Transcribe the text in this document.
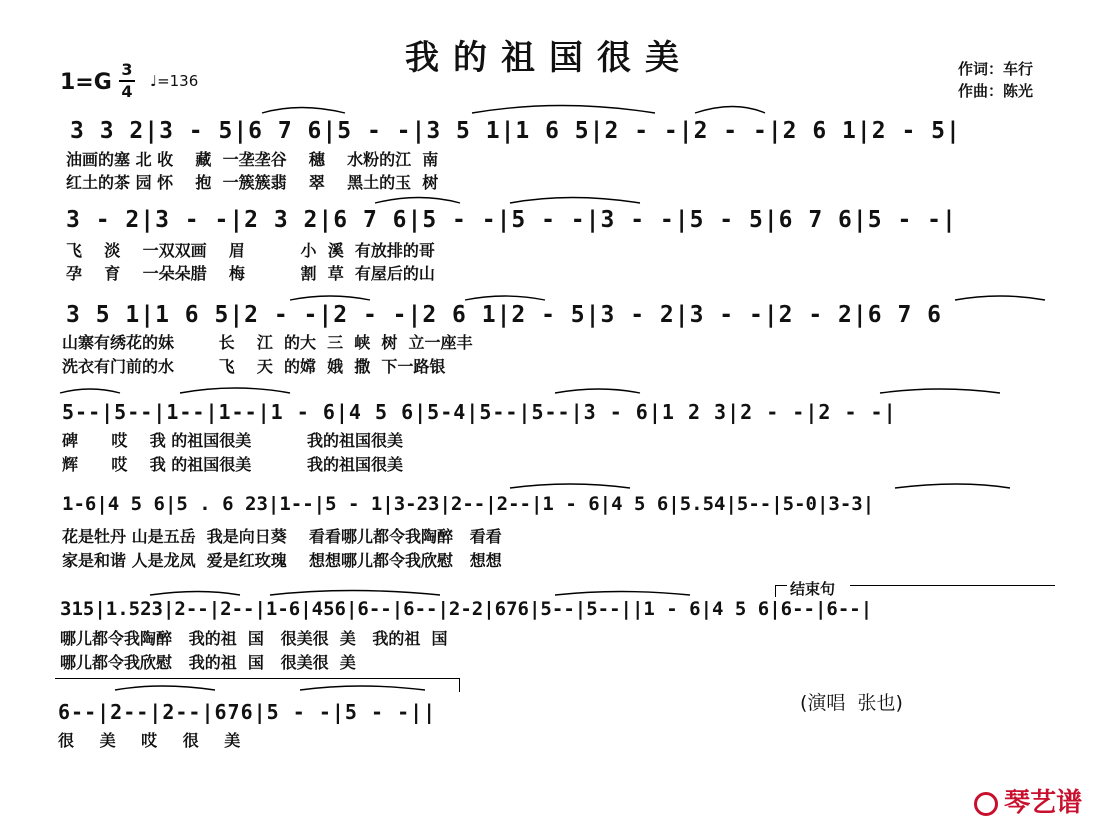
我的祖国很美	作词：车行
作曲：陈光
1=G
3
4
♩=136
3 3 2|3 - 5|6 7 6|5 - -|3 5 1|1 6 5|2 - -|2 - -|2 6 1|2 - 5|
油画的塞 北 收    藏  一垄垄谷    穗    水粉的江  南
红土的茶 园 怀    抱  一簇簇翡    翠    黑土的玉  树
3 - 2|3 - -|2 3 2|6 7 6|5 - -|5 - -|3 - -|5 - 5|6 7 6|5 - -|
飞    淡    一双双画    眉          小  溪  有放排的哥
孕    育    一朵朵腊    梅          割  草  有屋后的山
3 5 1|1 6 5|2 - -|2 - -|2 6 1|2 - 5|3 - 2|3 - -|2 - 2|6 7 6
山寨有绣花的妹        长    江  的大  三  峡  树  立一座丰
洗衣有门前的水        飞    天  的嫦  娥  撒  下一路银
5--|5--|1--|1--|1 - 6|4 5 6|5-4|5--|5--|3 - 6|1 2 3|2 - -|2 - -|
碑      哎    我 的祖国很美          我的祖国很美
辉      哎    我 的祖国很美          我的祖国很美
1-6|4 5 6|5 . 6 23|1--|5 - 1|3-23|2--|2--|1 - 6|4 5 6|5.54|5--|5-0|3-3|
花是牡丹 山是五岳  我是向日葵    看看哪儿都令我陶醉   看看
家是和谐 人是龙凤  爱是红玫瑰    想想哪儿都令我欣慰   想想
结束句
315|1.523|2--|2--|1-6|456|6--|6--|2-2|676|5--|5--||1 - 6|4 5 6|6--|6--|
哪儿都令我陶醉   我的祖  国   很美很  美   我的祖  国
哪儿都令我欣慰   我的祖  国   很美很  美
6--|2--|2--|676|5 - -|5 - -||
很 美 哎 很 美
(演唱  张也)

琴艺谱
